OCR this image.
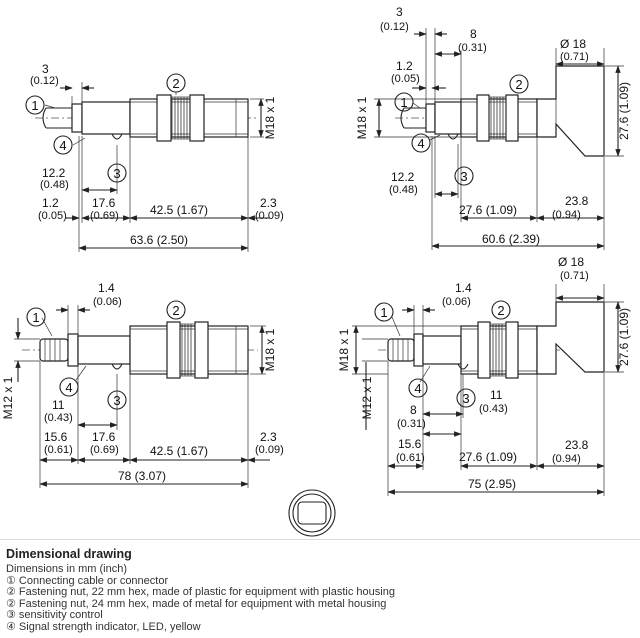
M18 x 1
3
(0.12)
12.2
(0.48)
1.2
(0.05)
17.6
(0.69)	42.5 (1.67)	2.3
(0.09)
63.6 (2.50)
1
2
3
4
3
(0.12)	8
(0.31)
1.2
(0.05)
Ø 18
(0.71)
27.6 (1.09)
M18 x 1
12.2
(0.48)
27.6 (1.09)
23.8
(0.94)
60.6 (2.39)
1
2
3
4
1.4
(0.06)
M18 x 1
M12 x 1	11
(0.43)
15.6
(0.61)
17.6
(0.69)	42.5 (1.67)
2.3
(0.09)
78 (3.07)
1	2
3
4
Ø 18
(0.71)
1.4
(0.06)
27.6 (1.09)
M18 x 1
M12 x 1	11
(0.43)
8
(0.31)
15.6
(0.61)	27.6 (1.09)
23.8
(0.94)
75 (2.95)
1	2
3
4
Dimensional drawing
Dimensions in mm (inch)
① Connecting cable or connector
② Fastening nut, 22 mm hex, made of plastic for equipment with plastic housing
② Fastening nut, 24 mm hex, made of metal for equipment with metal housing
③ sensitivity control
④ Signal strength indicator, LED, yellow
